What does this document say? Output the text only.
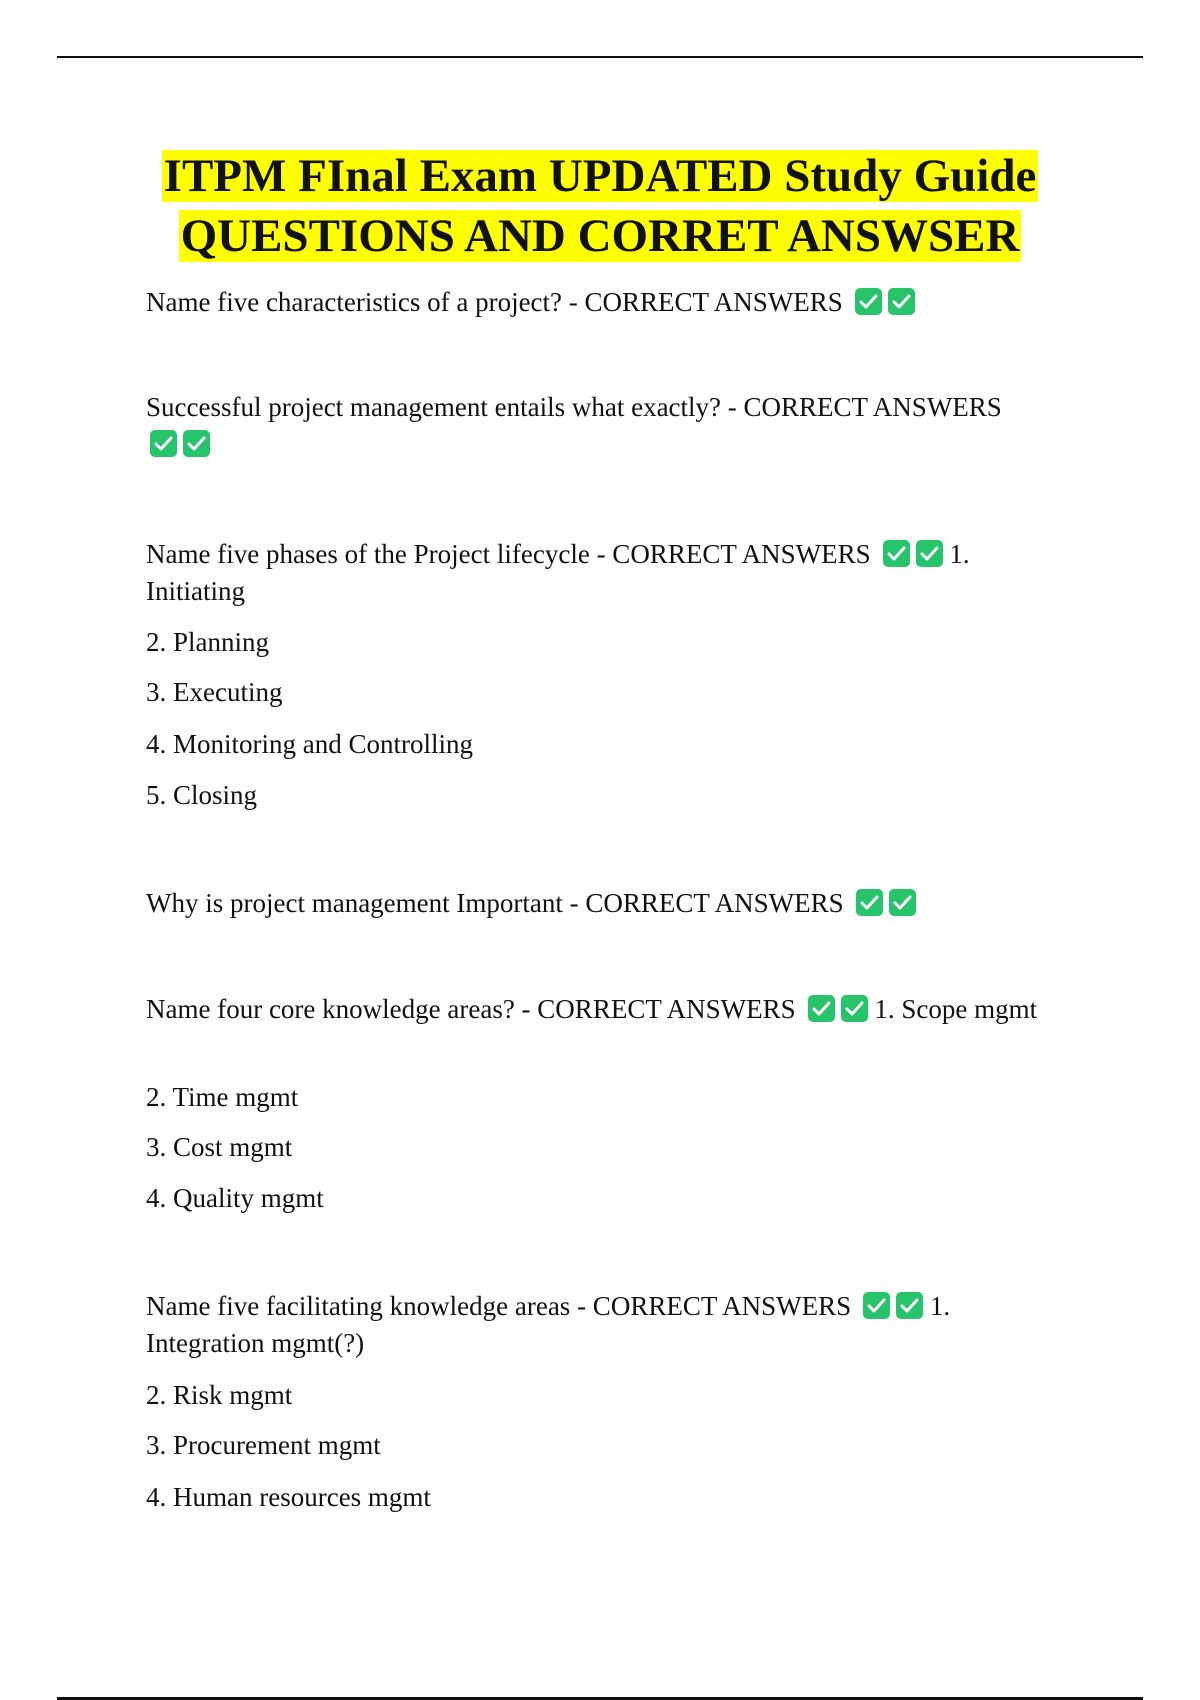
ITPM FInal Exam UPDATED Study Guide
QUESTIONS AND CORRET ANSWSER
Name five characteristics of a project? - CORRECT ANSWERS
Successful project management entails what exactly? - CORRECT ANSWERS

Name five phases of the Project lifecycle - CORRECT ANSWERS	1. Initiating
2. Planning
3. Executing
4. Monitoring and Controlling
5. Closing
Why is project management Important - CORRECT ANSWERS
Name four core knowledge areas? - CORRECT ANSWERS	1. Scope mgmt
2. Time mgmt
3. Cost mgmt
4. Quality mgmt
Name five facilitating knowledge areas - CORRECT ANSWERS	1. Integration mgmt(?)
2. Risk mgmt
3. Procurement mgmt
4. Human resources mgmt
